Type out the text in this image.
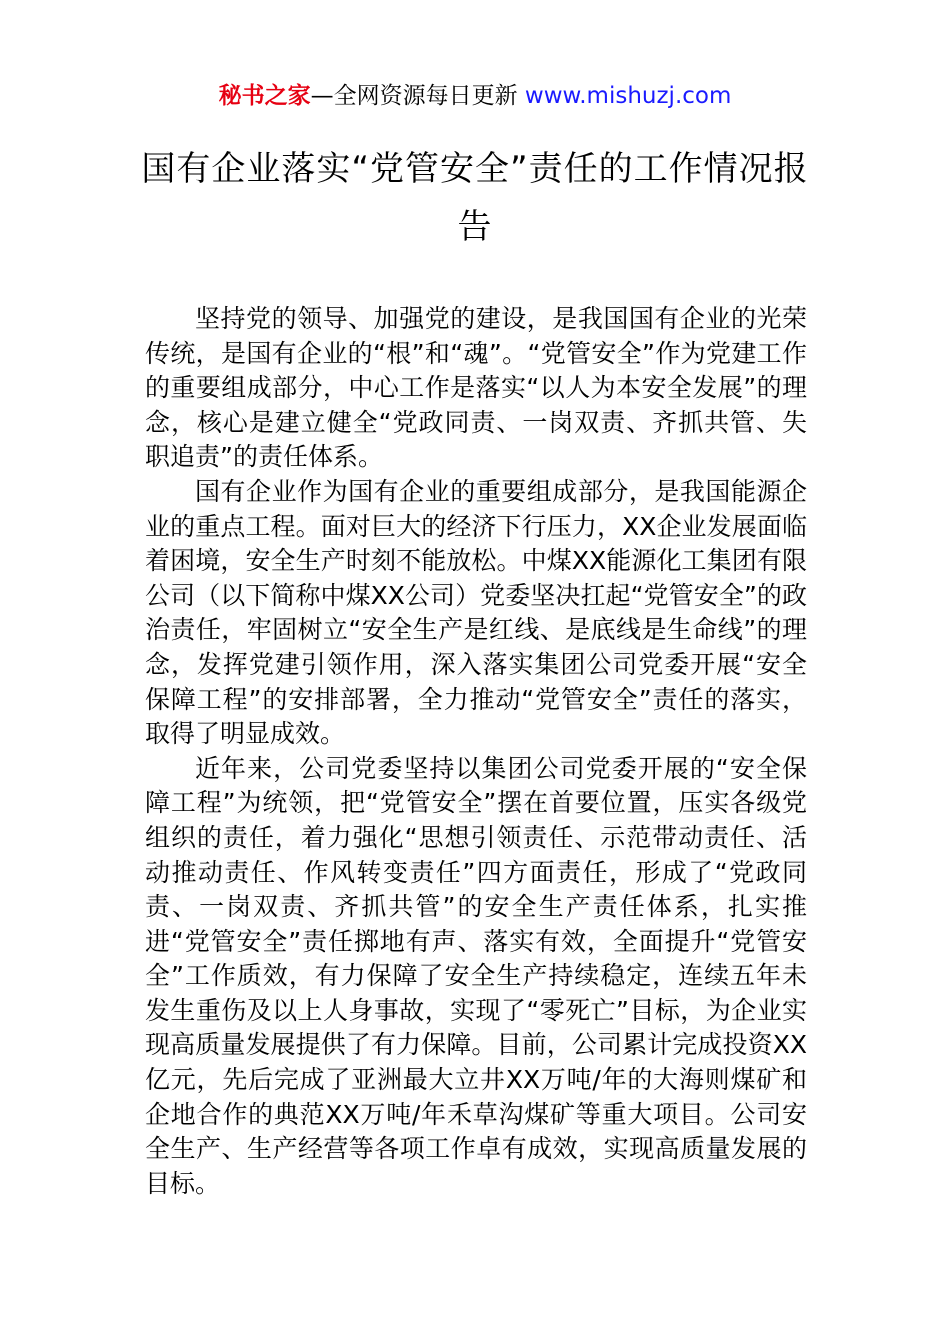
秘书之家—全网资源每日更新 www.mishuzj.com
国有企业落实“党管安全”责任的工作情况报告

坚持党的领导、加强党的建设，是我国国有企业的光荣传统，是国有企业的“根”和“魂”。“党管安全”作为党建工作的重要组成部分，中心工作是落实“以人为本安全发展”的理念，核心是建立健全“党政同责、一岗双责、齐抓共管、失职追责”的责任体系。

国有企业作为国有企业的重要组成部分，是我国能源企业的重点工程。面对巨大的经济下行压力，XX企业发展面临着困境，安全生产时刻不能放松。中煤XX能源化工集团有限公司（以下简称中煤XX公司）党委坚决扛起“党管安全”的政治责任，牢固树立“安全生产是红线、是底线是生命线”的理念，发挥党建引领作用，深入落实集团公司党委开展“安全保障工程”的安排部署，全力推动“党管安全”责任的落实，取得了明显成效。

近年来，公司党委坚持以集团公司党委开展的“安全保障工程”为统领，把“党管安全”摆在首要位置，压实各级党组织的责任，着力强化“思想引领责任、示范带动责任、活动推动责任、作风转变责任”四方面责任，形成了“党政同责、一岗双责、齐抓共管”的安全生产责任体系，扎实推进“党管安全”责任掷地有声、落实有效，全面提升“党管安全”工作质效，有力保障了安全生产持续稳定，连续五年未发生重伤及以上人身事故，实现了“零死亡”目标，为企业实现高质量发展提供了有力保障。目前，公司累计完成投资XX亿元，先后完成了亚洲最大立井XX万吨/年的大海则煤矿和企地合作的典范XX万吨/年禾草沟煤矿等重大项目。公司安全生产、生产经营等各项工作卓有成效，实现高质量发展的目标。
